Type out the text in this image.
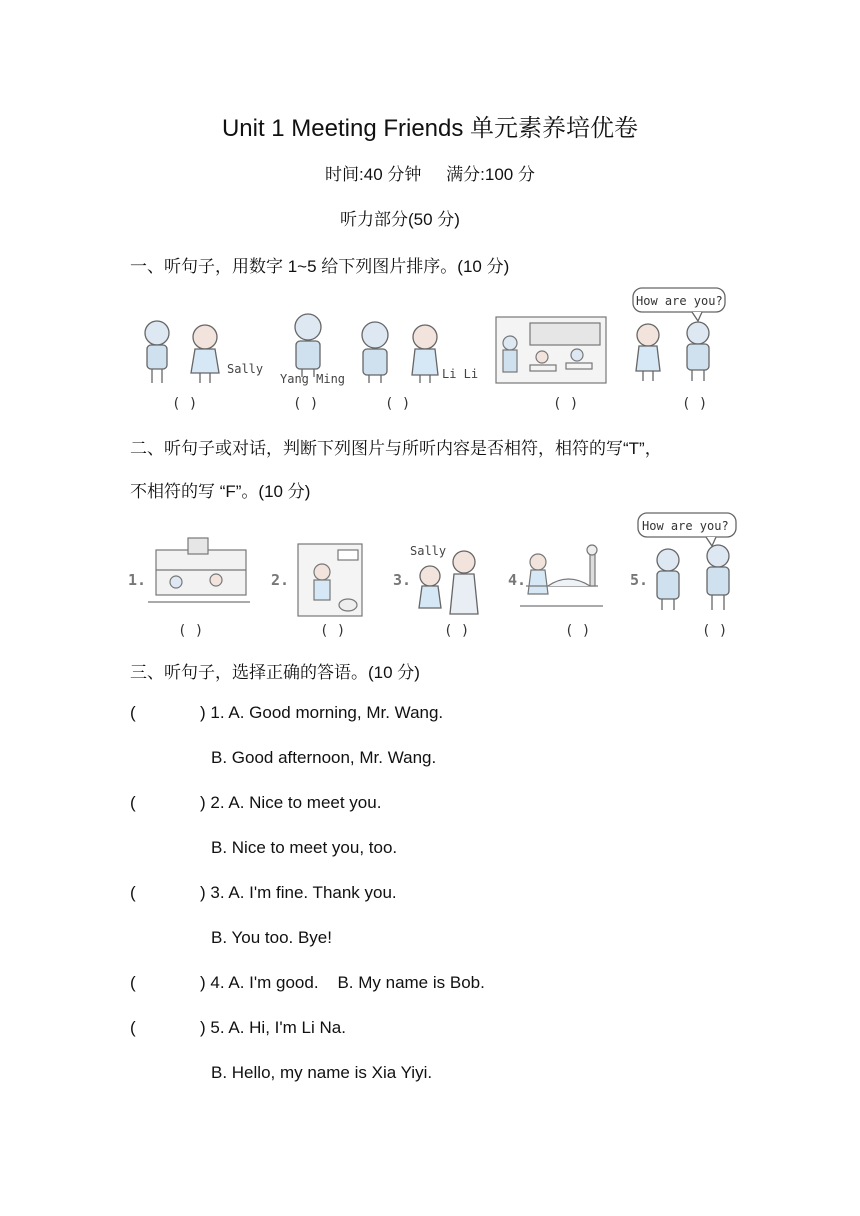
Unit 1 Meeting Friends 单元素养培优卷
时间:40 分钟 满分:100 分
听力部分(50 分)
一、听句子，用数字 1~5 给下列图片排序。(10 分)
Sally
( )
Yang Ming
( )
Li Li
( )	( )
How are you?
( )
二、听句子或对话，判断下列图片与所听内容是否相符，相符的写“T”，
不相符的写 “F”。(10 分)
1.
( )
2.
( )
3.
Sally
( )
4.
( )
5.
How are you?
( )
三、听句子，选择正确的答语。(10 分)
(	) 1. A. Good morning, Mr. Wang.
B. Good afternoon, Mr. Wang.
(	) 2. A. Nice to meet you.
B. Nice to meet you, too.
(	) 3. A. I'm fine. Thank you.
B. You too. Bye!
(	) 4. A. I'm good.    B. My name is Bob.
(	) 5. A. Hi, I'm Li Na.
B. Hello, my name is Xia Yiyi.
